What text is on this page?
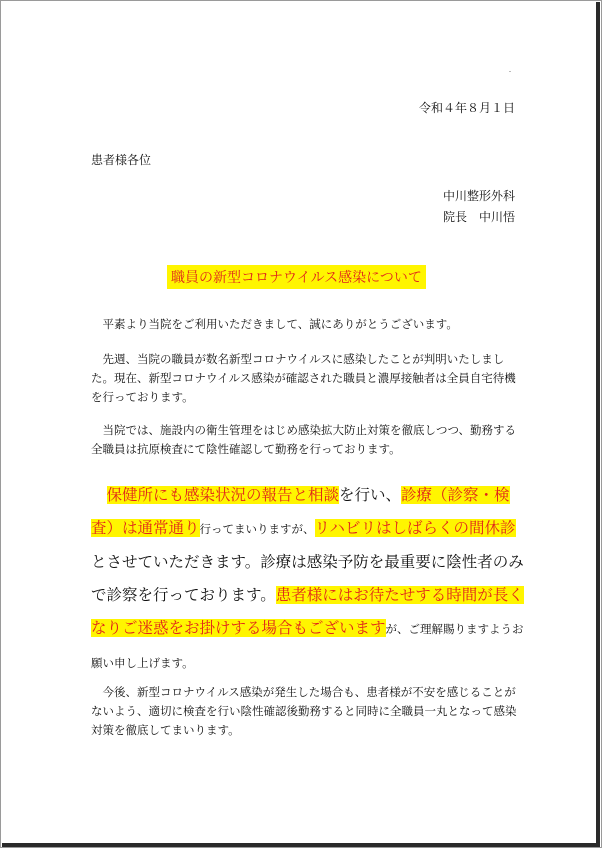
令和４年８月１日
患者様各位
中川整形外科
院長　中川悟
職員の新型コロナウイルス感染について
　平素より当院をご利用いただきまして、誠にありがとうございます。
　先週、当院の職員が数名新型コロナウイルスに感染したことが判明いたしました。現在、新型コロナウイルス感染が確認された職員と濃厚接触者は全員自宅待機を行っております。
　当院では、施設内の衛生管理をはじめ感染拡大防止対策を徹底しつつ、勤務する全職員は抗原検査にて陰性確認して勤務を行っております。
　保健所にも感染状況の報告と相談を行い、診療（診察・検査）は通常通り行ってまいりますが、リハビリはしばらくの間休診とさせていただきます。診療は感染予防を最重要に陰性者のみで診察を行っております。患者様にはお待たせする時間が長くなりご迷惑をお掛けする場合もございますが、ご理解賜りますようお願い申し上げます。
　今後、新型コロナウイルス感染が発生した場合も、患者様が不安を感じることがないよう、適切に検査を行い陰性確認後勤務すると同時に全職員一丸となって感染対策を徹底してまいります。
